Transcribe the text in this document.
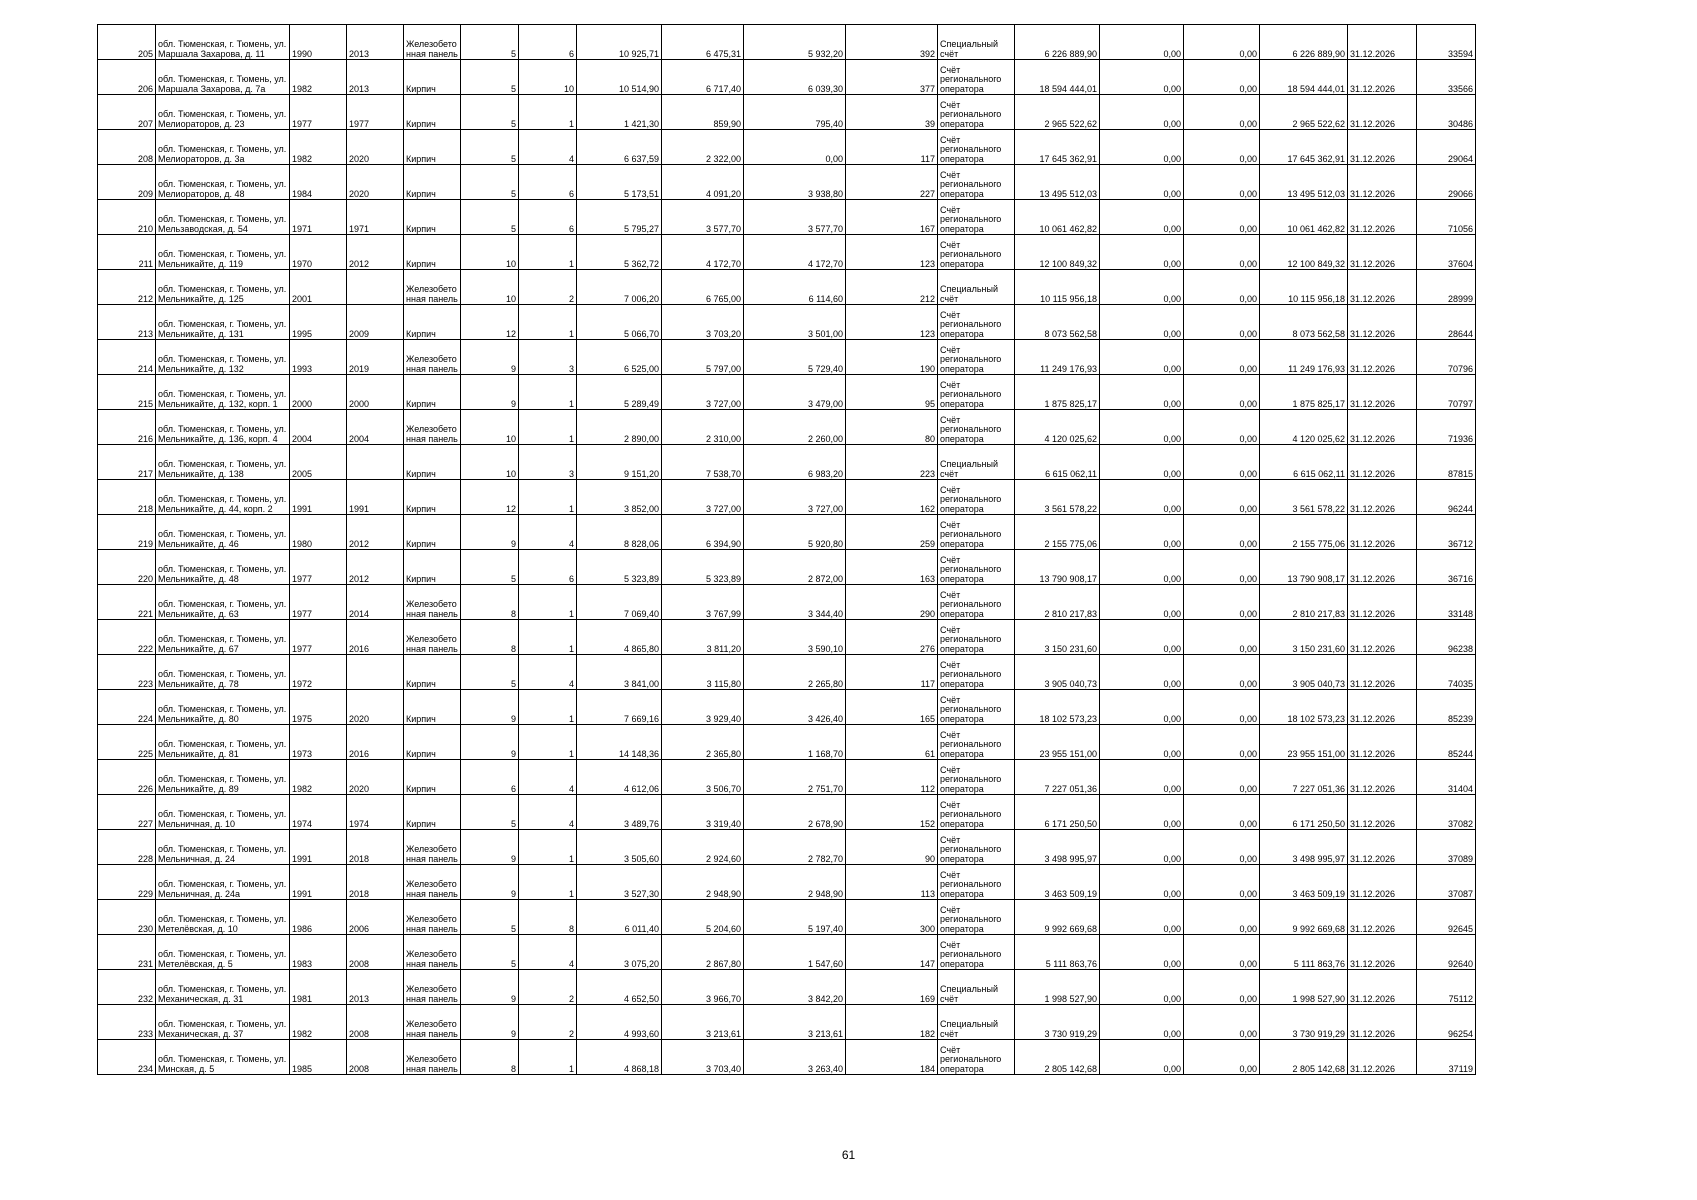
205	обл. Тюменская, г. Тюмень, ул. Маршала Захарова, д. 11	1990	2013	Железобетонная панель	5	6	10 925,71	6 475,31	5 932,20	392	Специальный счёт	6 226 889,90	0,00	0,00	6 226 889,90	31.12.2026	33594
206	обл. Тюменская, г. Тюмень, ул. Маршала Захарова, д. 7а	1982	2013	Кирпич	5	10	10 514,90	6 717,40	6 039,30	377	Счёт регионального оператора	18 594 444,01	0,00	0,00	18 594 444,01	31.12.2026	33566
207	обл. Тюменская, г. Тюмень, ул. Мелиораторов, д. 23	1977	1977	Кирпич	5	1	1 421,30	859,90	795,40	39	Счёт регионального оператора	2 965 522,62	0,00	0,00	2 965 522,62	31.12.2026	30486
208	обл. Тюменская, г. Тюмень, ул. Мелиораторов, д. 3а	1982	2020	Кирпич	5	4	6 637,59	2 322,00	0,00	117	Счёт регионального оператора	17 645 362,91	0,00	0,00	17 645 362,91	31.12.2026	29064
209	обл. Тюменская, г. Тюмень, ул. Мелиораторов, д. 48	1984	2020	Кирпич	5	6	5 173,51	4 091,20	3 938,80	227	Счёт регионального оператора	13 495 512,03	0,00	0,00	13 495 512,03	31.12.2026	29066
210	обл. Тюменская, г. Тюмень, ул. Мельзаводская, д. 54	1971	1971	Кирпич	5	6	5 795,27	3 577,70	3 577,70	167	Счёт регионального оператора	10 061 462,82	0,00	0,00	10 061 462,82	31.12.2026	71056
211	обл. Тюменская, г. Тюмень, ул. Мельникайте, д. 119	1970	2012	Кирпич	10	1	5 362,72	4 172,70	4 172,70	123	Счёт регионального оператора	12 100 849,32	0,00	0,00	12 100 849,32	31.12.2026	37604
212	обл. Тюменская, г. Тюмень, ул. Мельникайте, д. 125	2001		Железобетонная панель	10	2	7 006,20	6 765,00	6 114,60	212	Специальный счёт	10 115 956,18	0,00	0,00	10 115 956,18	31.12.2026	28999
213	обл. Тюменская, г. Тюмень, ул. Мельникайте, д. 131	1995	2009	Кирпич	12	1	5 066,70	3 703,20	3 501,00	123	Счёт регионального оператора	8 073 562,58	0,00	0,00	8 073 562,58	31.12.2026	28644
214	обл. Тюменская, г. Тюмень, ул. Мельникайте, д. 132	1993	2019	Железобетонная панель	9	3	6 525,00	5 797,00	5 729,40	190	Счёт регионального оператора	11 249 176,93	0,00	0,00	11 249 176,93	31.12.2026	70796
215	обл. Тюменская, г. Тюмень, ул. Мельникайте, д. 132, корп. 1	2000	2000	Кирпич	9	1	5 289,49	3 727,00	3 479,00	95	Счёт регионального оператора	1 875 825,17	0,00	0,00	1 875 825,17	31.12.2026	70797
216	обл. Тюменская, г. Тюмень, ул. Мельникайте, д. 136, корп. 4	2004	2004	Железобетонная панель	10	1	2 890,00	2 310,00	2 260,00	80	Счёт регионального оператора	4 120 025,62	0,00	0,00	4 120 025,62	31.12.2026	71936
217	обл. Тюменская, г. Тюмень, ул. Мельникайте, д. 138	2005		Кирпич	10	3	9 151,20	7 538,70	6 983,20	223	Специальный счёт	6 615 062,11	0,00	0,00	6 615 062,11	31.12.2026	87815
218	обл. Тюменская, г. Тюмень, ул. Мельникайте, д. 44, корп. 2	1991	1991	Кирпич	12	1	3 852,00	3 727,00	3 727,00	162	Счёт регионального оператора	3 561 578,22	0,00	0,00	3 561 578,22	31.12.2026	96244
219	обл. Тюменская, г. Тюмень, ул. Мельникайте, д. 46	1980	2012	Кирпич	9	4	8 828,06	6 394,90	5 920,80	259	Счёт регионального оператора	2 155 775,06	0,00	0,00	2 155 775,06	31.12.2026	36712
220	обл. Тюменская, г. Тюмень, ул. Мельникайте, д. 48	1977	2012	Кирпич	5	6	5 323,89	5 323,89	2 872,00	163	Счёт регионального оператора	13 790 908,17	0,00	0,00	13 790 908,17	31.12.2026	36716
221	обл. Тюменская, г. Тюмень, ул. Мельникайте, д. 63	1977	2014	Железобетонная панель	8	1	7 069,40	3 767,99	3 344,40	290	Счёт регионального оператора	2 810 217,83	0,00	0,00	2 810 217,83	31.12.2026	33148
222	обл. Тюменская, г. Тюмень, ул. Мельникайте, д. 67	1977	2016	Железобетонная панель	8	1	4 865,80	3 811,20	3 590,10	276	Счёт регионального оператора	3 150 231,60	0,00	0,00	3 150 231,60	31.12.2026	96238
223	обл. Тюменская, г. Тюмень, ул. Мельникайте, д. 78	1972		Кирпич	5	4	3 841,00	3 115,80	2 265,80	117	Счёт регионального оператора	3 905 040,73	0,00	0,00	3 905 040,73	31.12.2026	74035
224	обл. Тюменская, г. Тюмень, ул. Мельникайте, д. 80	1975	2020	Кирпич	9	1	7 669,16	3 929,40	3 426,40	165	Счёт регионального оператора	18 102 573,23	0,00	0,00	18 102 573,23	31.12.2026	85239
225	обл. Тюменская, г. Тюмень, ул. Мельникайте, д. 81	1973	2016	Кирпич	9	1	14 148,36	2 365,80	1 168,70	61	Счёт регионального оператора	23 955 151,00	0,00	0,00	23 955 151,00	31.12.2026	85244
226	обл. Тюменская, г. Тюмень, ул. Мельникайте, д. 89	1982	2020	Кирпич	6	4	4 612,06	3 506,70	2 751,70	112	Счёт регионального оператора	7 227 051,36	0,00	0,00	7 227 051,36	31.12.2026	31404
227	обл. Тюменская, г. Тюмень, ул. Мельничная, д. 10	1974	1974	Кирпич	5	4	3 489,76	3 319,40	2 678,90	152	Счёт регионального оператора	6 171 250,50	0,00	0,00	6 171 250,50	31.12.2026	37082
228	обл. Тюменская, г. Тюмень, ул. Мельничная, д. 24	1991	2018	Железобетонная панель	9	1	3 505,60	2 924,60	2 782,70	90	Счёт регионального оператора	3 498 995,97	0,00	0,00	3 498 995,97	31.12.2026	37089
229	обл. Тюменская, г. Тюмень, ул. Мельничная, д. 24а	1991	2018	Железобетонная панель	9	1	3 527,30	2 948,90	2 948,90	113	Счёт регионального оператора	3 463 509,19	0,00	0,00	3 463 509,19	31.12.2026	37087
230	обл. Тюменская, г. Тюмень, ул. Метелёвская, д. 10	1986	2006	Железобетонная панель	5	8	6 011,40	5 204,60	5 197,40	300	Счёт регионального оператора	9 992 669,68	0,00	0,00	9 992 669,68	31.12.2026	92645
231	обл. Тюменская, г. Тюмень, ул. Метелёвская, д. 5	1983	2008	Железобетонная панель	5	4	3 075,20	2 867,80	1 547,60	147	Счёт регионального оператора	5 111 863,76	0,00	0,00	5 111 863,76	31.12.2026	92640
232	обл. Тюменская, г. Тюмень, ул. Механическая, д. 31	1981	2013	Железобетонная панель	9	2	4 652,50	3 966,70	3 842,20	169	Специальный счёт	1 998 527,90	0,00	0,00	1 998 527,90	31.12.2026	75112
233	обл. Тюменская, г. Тюмень, ул. Механическая, д. 37	1982	2008	Железобетонная панель	9	2	4 993,60	3 213,61	3 213,61	182	Специальный счёт	3 730 919,29	0,00	0,00	3 730 919,29	31.12.2026	96254
234	обл. Тюменская, г. Тюмень, ул. Минская, д. 5	1985	2008	Железобетонная панель	8	1	4 868,18	3 703,40	3 263,40	184	Счёт регионального оператора	2 805 142,68	0,00	0,00	2 805 142,68	31.12.2026	37119
61
